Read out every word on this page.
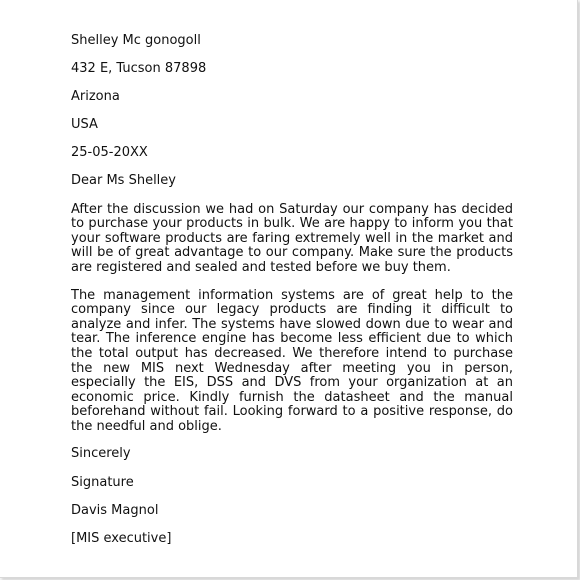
Shelley Mc gonogoll
432 E, Tucson 87898
Arizona
USA
25-05-20XX
Dear Ms Shelley
After the discussion we had on Saturday our company has decided to purchase your products in bulk. We are happy to inform you that your software products are faring extremely well in the market and will be of great advantage to our company. Make sure the products are registered and sealed and tested before we buy them.
The management information systems are of great help to the company since our legacy products are finding it difficult to analyze and infer. The systems have slowed down due to wear and tear. The inference engine has become less efficient due to which the total output has decreased. We therefore intend to purchase the new MIS next Wednesday after meeting you in person, especially the EIS, DSS and DVS from your organization at an economic price. Kindly furnish the datasheet and the manual beforehand without fail. Looking forward to a positive response, do the needful and oblige.
Sincerely
Signature
Davis Magnol
[MIS executive]
